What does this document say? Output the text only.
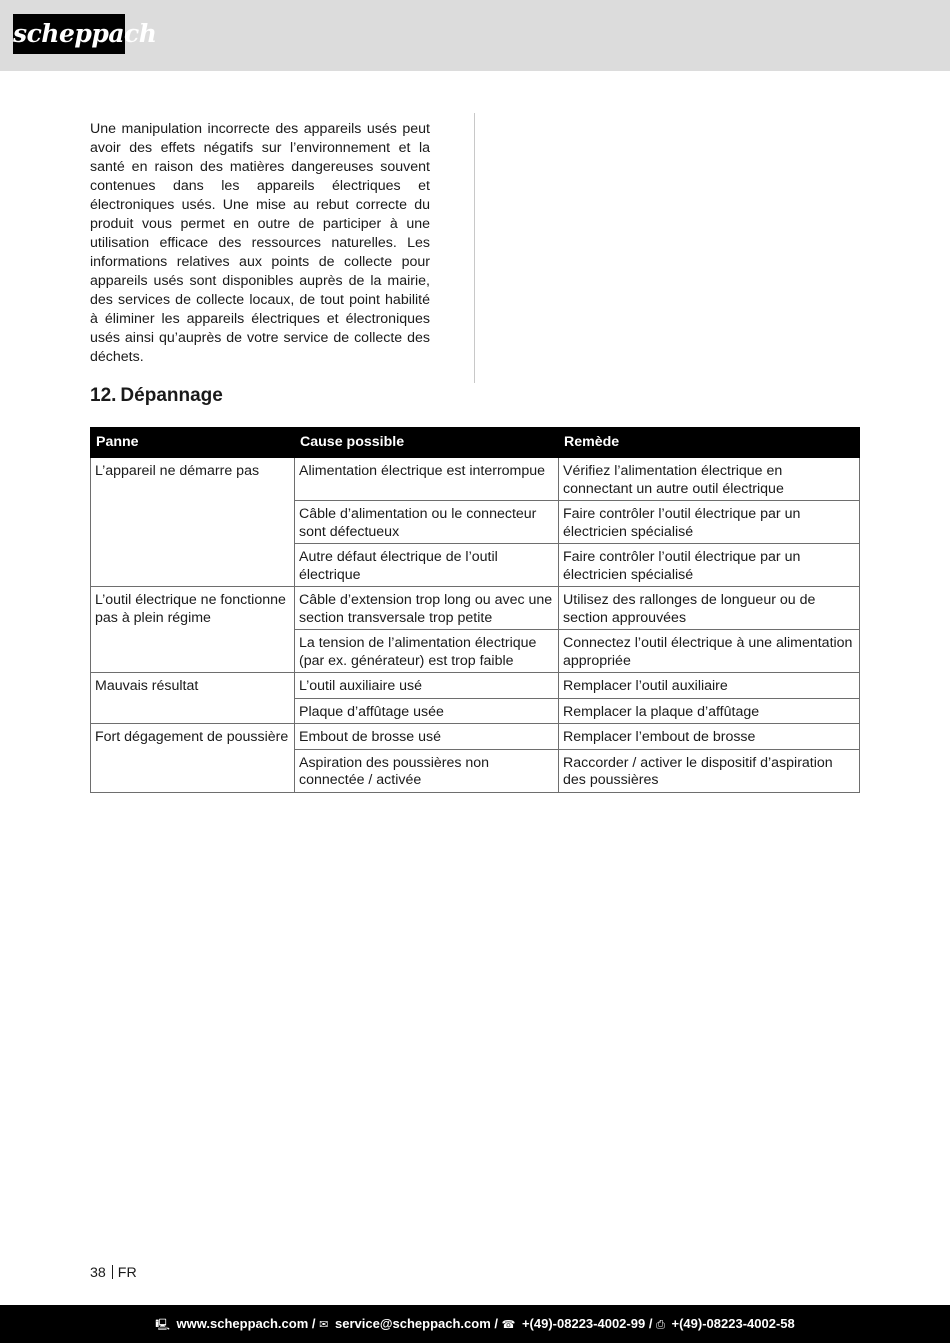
scheppach

Une manipulation incorrecte des appareils usés peut avoir des effets négatifs sur l’environnement et la santé en raison des matières dangereuses souvent contenues dans les appareils électriques et électroniques usés. Une mise au rebut correcte du produit vous permet en outre de participer à une utilisation efficace des ressources naturelles. Les informations relatives aux points de collecte pour appareils usés sont disponibles auprès de la mairie, des services de collecte locaux, de tout point habilité à éliminer les appareils électriques et électroniques usés ainsi qu’auprès de votre service de collecte des déchets.

12. Dépannage
Panne	Cause possible	Remède
L’appareil ne démarre pas	Alimentation électrique est interrompue	Vérifiez l’alimentation électrique en connectant un autre outil électrique
	Câble d’alimentation ou le connecteur sont défectueux	Faire contrôler l’outil électrique par un électricien spécialisé
	Autre défaut électrique de l’outil électrique	Faire contrôler l’outil électrique par un électricien spécialisé
L’outil électrique ne fonctionne pas à plein régime	Câble d’extension trop long ou avec une section transversale trop petite	Utilisez des rallonges de longueur ou de section approuvées
	La tension de l’alimentation électrique (par ex. générateur) est trop faible	Connectez l’outil électrique à une alimentation appropriée
Mauvais résultat	L’outil auxiliaire usé	Remplacer l’outil auxiliaire
	Plaque d’affûtage usée	Remplacer la plaque d’affûtage
Fort dégagement de poussière	Embout de brosse usé	Remplacer l’embout de brosse
	Aspiration des poussières non connectée / activée	Raccorder / activer le dispositif d’aspiration des poussières
38 FR
🖳 www.scheppach.com / ✉ service@scheppach.com / ☎ +(49)-08223-4002-99 / ⎙ +(49)-08223-4002-58
